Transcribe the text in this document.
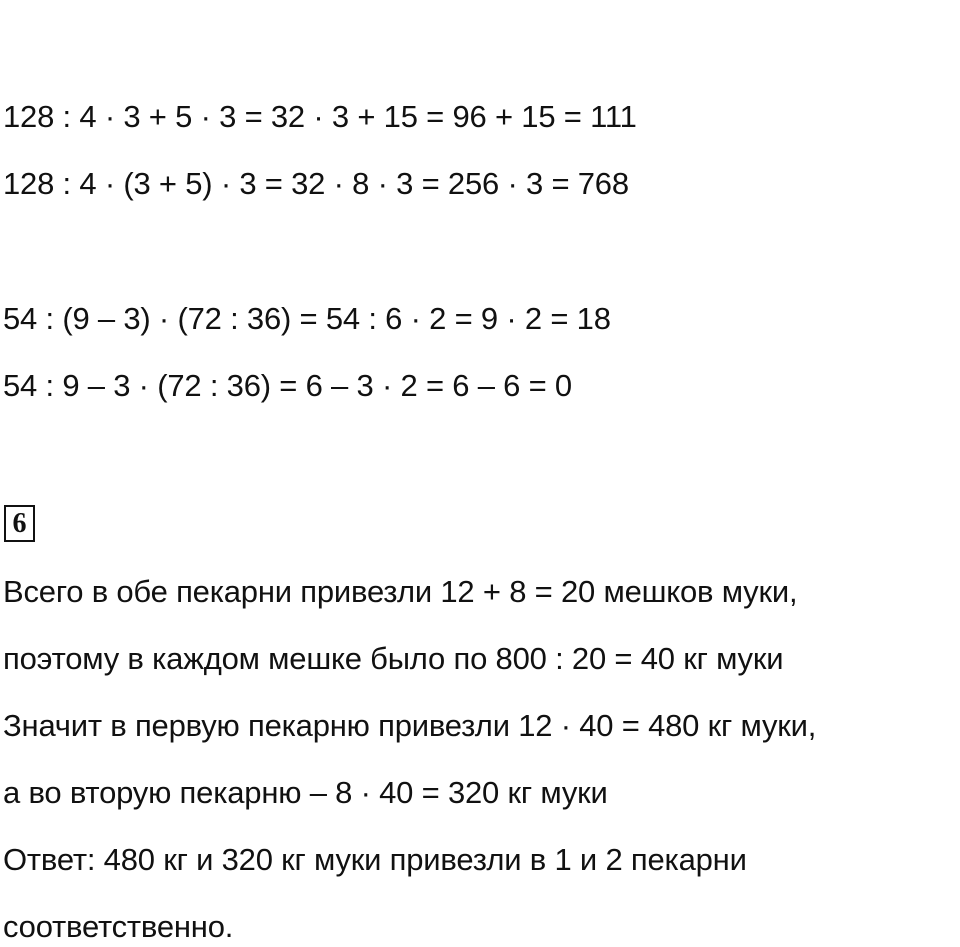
128 : 4 · 3 + 5 · 3 = 32 · 3 + 15 = 96 + 15 = 111
128 : 4 · (3 + 5) · 3 = 32 · 8 · 3 = 256 · 3 = 768
54 : (9 – 3) · (72 : 36) = 54 : 6 · 2 = 9 · 2 = 18
54 : 9 – 3 · (72 : 36) = 6 – 3 · 2 = 6 – 6 = 0
6
Всего в обе пекарни привезли 12 + 8 = 20 мешков муки,
поэтому в каждом мешке было по 800 : 20 = 40 кг муки
Значит в первую пекарню привезли 12 · 40 = 480 кг муки,
а во вторую пекарню – 8 · 40 = 320 кг муки
Ответ: 480 кг и 320 кг муки привезли в 1 и 2 пекарни
соответственно.
